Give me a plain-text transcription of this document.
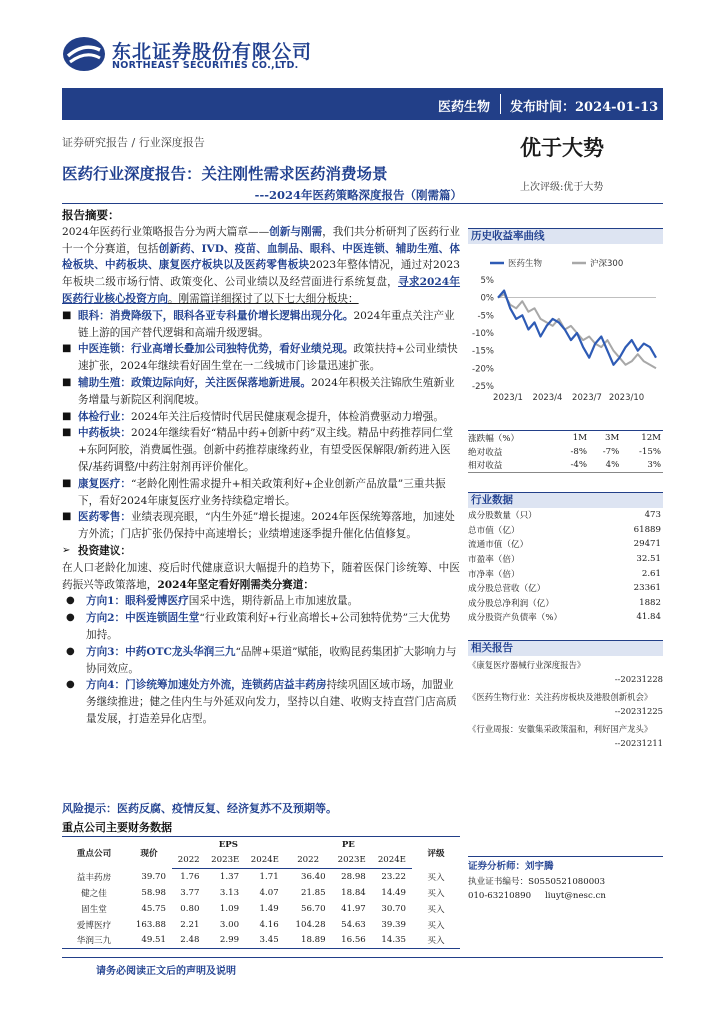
东北证券股份有限公司
NORTHEAST SECURITIES CO.,LTD.
医药生物 发布时间：2024-01-13
证券研究报告 / 行业深度报告	优于大势
医药行业深度报告：关注刚性需求医药消费场景
上次评级:优于大势
---2024年医药策略深度报告（刚需篇）
报告摘要：

2024年医药行业策略报告分为两大篇章——创新与刚需，我们共分析研判了医药行业十一个分赛道，包括创新药、IVD、疫苗、血制品、眼科、中医连锁、辅助生殖、体检板块、中药板块、康复医疗板块以及医药零售板块2023年整体情况，通过对2023年板块二级市场行情、政策变化、公司业绩以及经营面进行系统复盘，寻求2024年医药行业核心投资方向。刚需篇详细探讨了以下七大细分板块：

■ 眼科：消费降级下，眼科各亚专科量价增长逻辑出现分化。2024年重点关注产业链上游的国产替代逻辑和高端升级逻辑。
■ 中医连锁：行业高增长叠加公司独特优势，看好业绩兑现。政策扶持+公司业绩快速扩张，2024年继续看好固生堂在一二线城市门诊量迅速扩张。
■ 辅助生殖：政策边际向好，关注医保落地新进展。2024年积极关注锦欣生殖新业务增量与新院区利润爬坡。
■ 体检行业：2024年关注后疫情时代居民健康观念提升，体检消费驱动力增强。
■ 中药板块：2024年继续看好“精品中药+创新中药”双主线。精品中药推荐同仁堂+东阿阿胶，消费属性强。创新中药推荐康缘药业，有望受医保解限/新药进入医保/基药调整/中药注射剂再评价催化。
■ 康复医疗：“老龄化刚性需求提升+相关政策利好+企业创新产品放量”三重共振下，看好2024年康复医疗业务持续稳定增长。
■ 医药零售：业绩表现亮眼，“内生外延”增长提速。2024年医保统筹落地，加速处方外流；门店扩张仍保持中高速增长；业绩增速逐季提升催化估值修复。
➢ 投资建议：

在人口老龄化加速、疫后时代健康意识大幅提升的趋势下，随着医保门诊统筹、中医药振兴等政策落地，2024年坚定看好刚需类分赛道：

● 方向1：眼科爱博医疗国采中选，期待新品上市加速放量。
● 方向2：中医连锁固生堂“行业政策利好+行业高增长+公司独特优势”三大优势加持。
● 方向3：中药OTC龙头华润三九“品牌+渠道”赋能，收购昆药集团扩大影响力与协同效应。
● 方向4：门诊统筹加速处方外流，连锁药店益丰药房持续巩固区域市场，加盟业务继续推进；健之佳内生与外延双向发力，坚持以自建、收购支持直营门店高质量发展，打造差异化店型。
风险提示：医药反腐、疫情反复、经济复苏不及预期等。
重点公司主要财务数据
重点公司	现价	EPS			PE			评级
		2022	2023E	2024E	2022	2023E	2024E	
益丰药房	39.70	1.76	1.37	1.71	36.40	28.98	23.22	买入
健之佳	58.98	3.77	3.13	4.07	21.85	18.84	14.49	买入
固生堂	45.75	0.80	1.09	1.49	56.70	41.97	30.70	买入
爱博医疗	163.88	2.21	3.00	4.16	104.28	54.63	39.39	买入
华润三九	49.51	2.48	2.99	3.45	18.89	16.56	14.35	买入
请务必阅读正文后的声明及说明
历史收益率曲线
医药生物	沪深300
5%
0%
-5%
-10%
-15%
-20%
-25%
2023/1 2023/4 2023/7 2023/10
涨跌幅（%）	1M	3M	12M
绝对收益	-8%	-7%	-15%
相对收益	-4%	4%	3%
行业数据
成分股数量（只）	473
总市值（亿）	61889
流通市值（亿）	29471
市盈率（倍）	32.51
市净率（倍）	2.61
成分股总营收（亿）	23361
成分股总净利润（亿）	1882
成分股资产负债率（%）	41.84
相关报告
《康复医疗器械行业深度报告》
--20231228
《医药生物行业：关注药房板块及港股创新机会》
--20231225
《行业周报：安徽集采政策温和，利好国产龙头》
--20231211
证券分析师：刘宇腾
执业证书编号：S0550521080003
010-63210890 liuyt@nesc.cn
